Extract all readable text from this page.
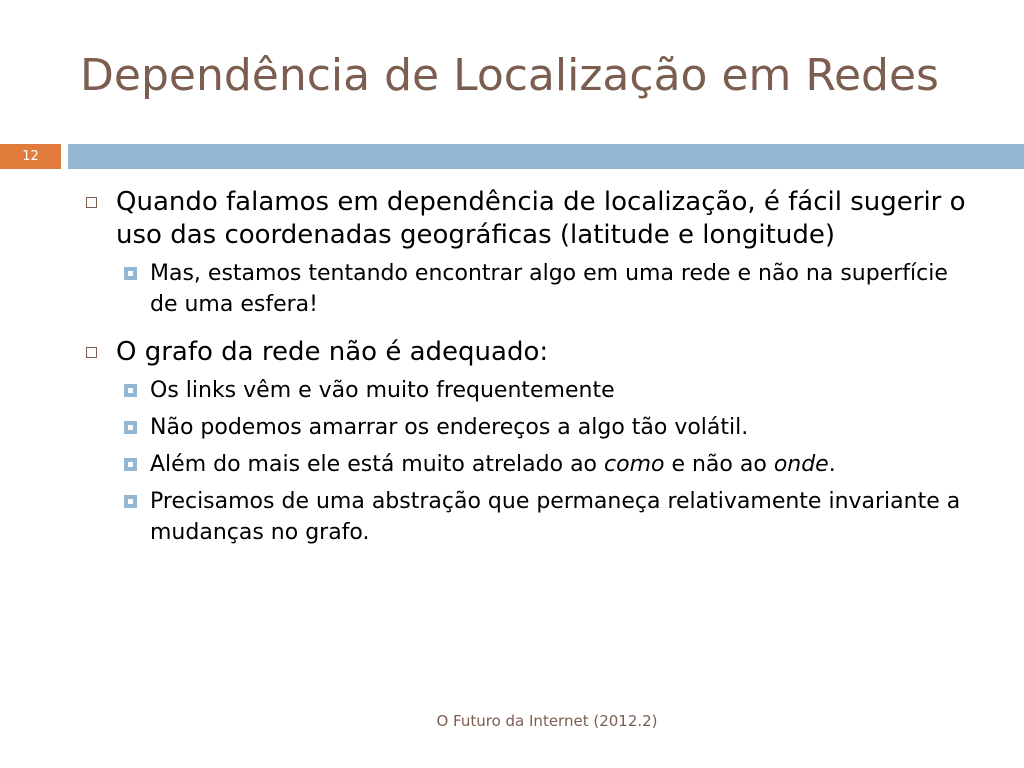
Dependência de Localização em Redes
12
Quando falamos em dependência de localização, é fácil sugerir o uso das coordenadas geográficas (latitude e longitude)
Mas, estamos tentando encontrar algo em uma rede e não na superfície de uma esfera!
O grafo da rede não é adequado:
Os links vêm e vão muito frequentemente
Não podemos amarrar os endereços a algo tão volátil.
Além do mais ele está muito atrelado ao como e não ao onde.
Precisamos de uma abstração que permaneça relativamente invariante a mudanças no grafo.
O Futuro da Internet (2012.2)
